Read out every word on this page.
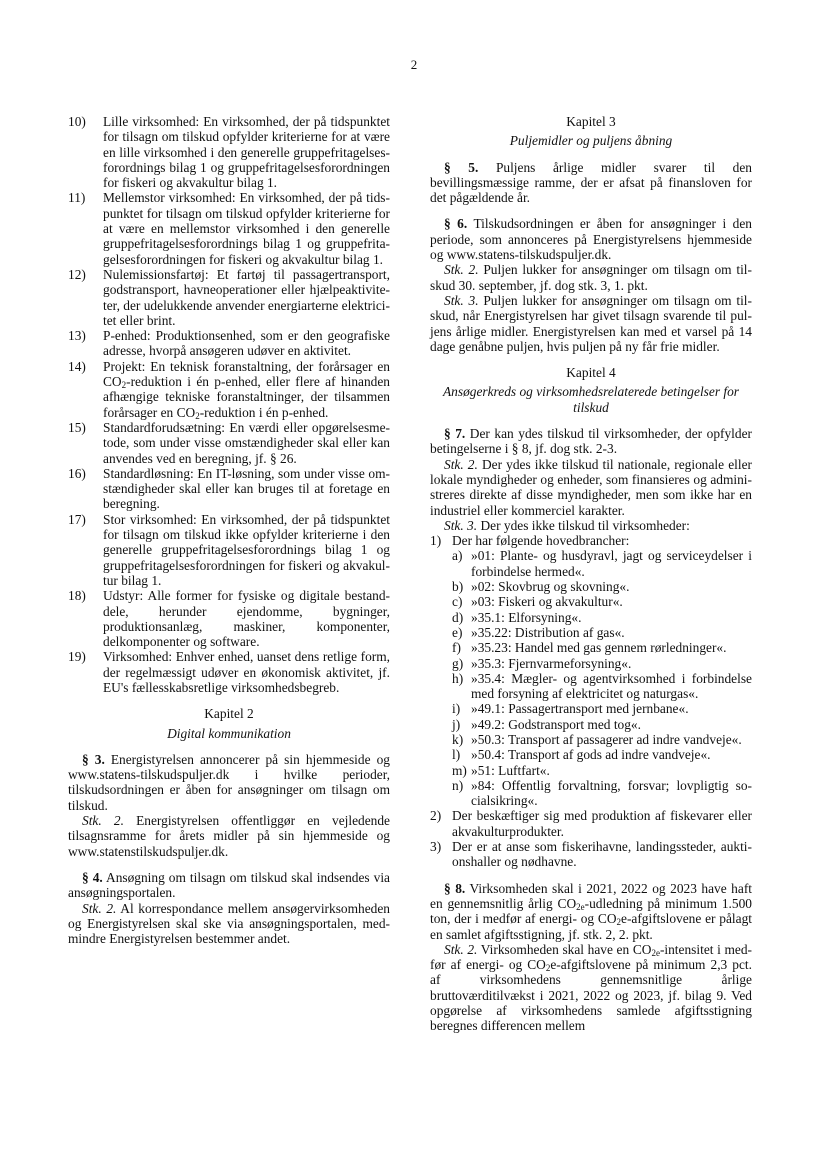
2
10)	Lille virksomhed: En virksomhed, der på tidspunktet for tilsagn om tilskud opfylder kriterierne for at være en lille virksomhed i den generelle gruppefritagelsesforordnings bilag 1 og gruppefritagelsesforordningen for fiskeri og akvakultur bilag 1.
11)	Mellemstor virksomhed: En virksomhed, der på tidspunktet for tilsagn om tilskud opfylder kriterierne for at være en mellemstor virksomhed i den generelle gruppefritagelsesforordnings bilag 1 og gruppefritagelsesforordningen for fiskeri og akvakultur bilag 1.
12)	Nulemissionsfartøj: Et fartøj til passagertransport, godstransport, havneoperationer eller hjælpeaktiviteter, der udelukkende anvender energiarterne elektricitet eller brint.
13)	P-enhed: Produktionsenhed, som er den geografiske adresse, hvorpå ansøgeren udøver en aktivitet.
14)	Projekt: En teknisk foranstaltning, der forårsager en $CO_2$-reduktion i én p-enhed, eller flere af hinanden afhængige tekniske foranstaltninger, der tilsammen forårsager en $CO_2$-reduktion i én p-enhed.
15)	Standardforudsætning: En værdi eller opgørelsesmetode, som under visse omstændigheder skal eller kan anvendes ved en beregning, jf. § 26.
16)	Standardløsning: En IT-løsning, som under visse omstændigheder skal eller kan bruges til at foretage en beregning.
17)	Stor virksomhed: En virksomhed, der på tidspunktet for tilsagn om tilskud ikke opfylder kriterierne i den generelle gruppefritagelsesforordnings bilag 1 og gruppefritagelsesforordningen for fiskeri og akvakultur bilag 1.
18)	Udstyr: Alle former for fysiske og digitale bestanddele, herunder ejendomme, bygninger, produktionsanlæg, maskiner, komponenter, delkomponenter og software.
19)	Virksomhed: Enhver enhed, uanset dens retlige form, der regelmæssigt udøver en økonomisk aktivitet, jf. EU's fællesskabsretlige virksomhedsbegreb.
Kapitel 2
Digital kommunikation

§ 3. Energistyrelsen annoncerer på sin hjemmeside og www.statens-tilskudspuljer.dk i hvilke perioder, tilskudsordningen er åben for ansøgninger om tilsagn om tilskud.

Stk. 2. Energistyrelsen offentliggør en vejledende tilsagnsramme for årets midler på sin hjemmeside og www.statenstilskudspuljer.dk.

§ 4. Ansøgning om tilsagn om tilskud skal indsendes via ansøgningsportalen.

Stk. 2. Al korrespondance mellem ansøgervirksomheden og Energistyrelsen skal ske via ansøgningsportalen, medmindre Energistyrelsen bestemmer andet.

Kapitel 3
Puljemidler og puljens åbning

§ 5. Puljens årlige midler svarer til den bevillingsmæssige ramme, der er afsat på finansloven for det pågældende år.

§ 6. Tilskudsordningen er åben for ansøgninger i den periode, som annonceres på Energistyrelsens hjemmeside og www.statens-tilskudspuljer.dk.

Stk. 2. Puljen lukker for ansøgninger om tilsagn om tilskud 30. september, jf. dog stk. 3, 1. pkt.

Stk. 3. Puljen lukker for ansøgninger om tilsagn om tilskud, når Energistyrelsen har givet tilsagn svarende til puljens årlige midler. Energistyrelsen kan med et varsel på 14 dage genåbne puljen, hvis puljen på ny får frie midler.

Kapitel 4
Ansøgerkreds og virksomhedsrelaterede betingelser for tilskud

§ 7. Der kan ydes tilskud til virksomheder, der opfylder betingelserne i § 8, jf. dog stk. 2-3.

Stk. 2. Der ydes ikke tilskud til nationale, regionale eller lokale myndigheder og enheder, som finansieres og administreres direkte af disse myndigheder, men som ikke har en industriel eller kommerciel karakter.

Stk. 3. Der ydes ikke tilskud til virksomheder:

1) Der har følgende hovedbrancher:
a) »01: Plante- og husdyravl, jagt og serviceydelser i forbindelse hermed«.
b) »02: Skovbrug og skovning«.
c) »03: Fiskeri og akvakultur«.
d) »35.1: Elforsyning«.
e) »35.22: Distribution af gas«.
f) »35.23: Handel med gas gennem rørledninger«.
g) »35.3: Fjernvarmeforsyning«.
h) »35.4: Mægler- og agentvirksomhed i forbindelse med forsyning af elektricitet og naturgas«.
i) »49.1: Passagertransport med jernbane«.
j) »49.2: Godstransport med tog«.
k) »50.3: Transport af passagerer ad indre vandveje«.
l) »50.4: Transport af gods ad indre vandveje«.
m) »51: Luftfart«.
n) »84: Offentlig forvaltning, forsvar; lovpligtig socialsikring«.
2) Der beskæftiger sig med produktion af fiskevarer eller akvakulturprodukter.
3) Der er at anse som fiskerihavne, landingssteder, auktionshaller og nødhavne.

§ 8. Virksomheden skal i 2021, 2022 og 2023 have haft en gennemsnitlig årlig $CO_{2e}$-udledning på minimum 1.500 ton, der i medfør af energi- og $CO_2e$-afgiftslovene er pålagt en samlet afgiftsstigning, jf. stk. 2, 2. pkt.

Stk. 2. Virksomheden skal have en $CO_{2e}$-intensitet i medfør af energi- og $CO_2e$-afgiftslovene på minimum 2,3 pct. af virksomhedens gennemsnitlige årlige bruttoværditilvækst i 2021, 2022 og 2023, jf. bilag 9. Ved opgørelse af virksomhedens samlede afgiftsstigning beregnes differencen mellem
